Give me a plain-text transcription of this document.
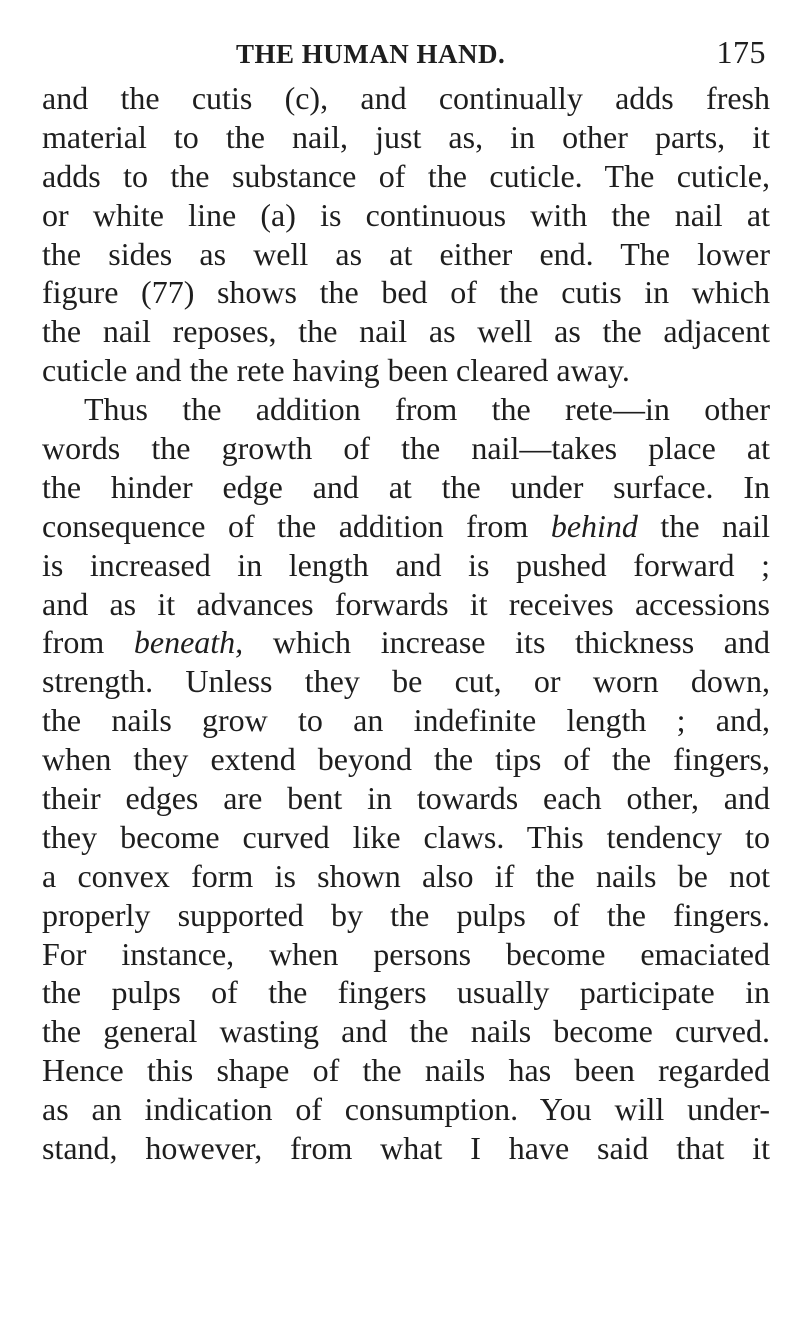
THE HUMAN HAND.	175
and the cutis (c), and continually adds fresh
material to the nail, just as, in other parts, it
adds to the substance of the cuticle. The cuticle,
or white line (a) is continuous with the nail at
the sides as well as at either end. The lower
figure (77) shows the bed of the cutis in which
the nail reposes, the nail as well as the adjacent
cuticle and the rete having been cleared away.
Thus the addition from the rete—in other
words the growth of the nail—takes place at
the hinder edge and at the under surface. In
consequence of the addition from behind the nail
is increased in length and is pushed forward ;
and as it advances forwards it receives accessions
from beneath, which increase its thickness and
strength. Unless they be cut, or worn down,
the nails grow to an indefinite length ; and,
when they extend beyond the tips of the fingers,
their edges are bent in towards each other, and
they become curved like claws. This tendency to
a convex form is shown also if the nails be not
properly supported by the pulps of the fingers.
For instance, when persons become emaciated
the pulps of the fingers usually participate in
the general wasting and the nails become curved.
Hence this shape of the nails has been regarded
as an indication of consumption. You will under-
stand, however, from what I have said that it
